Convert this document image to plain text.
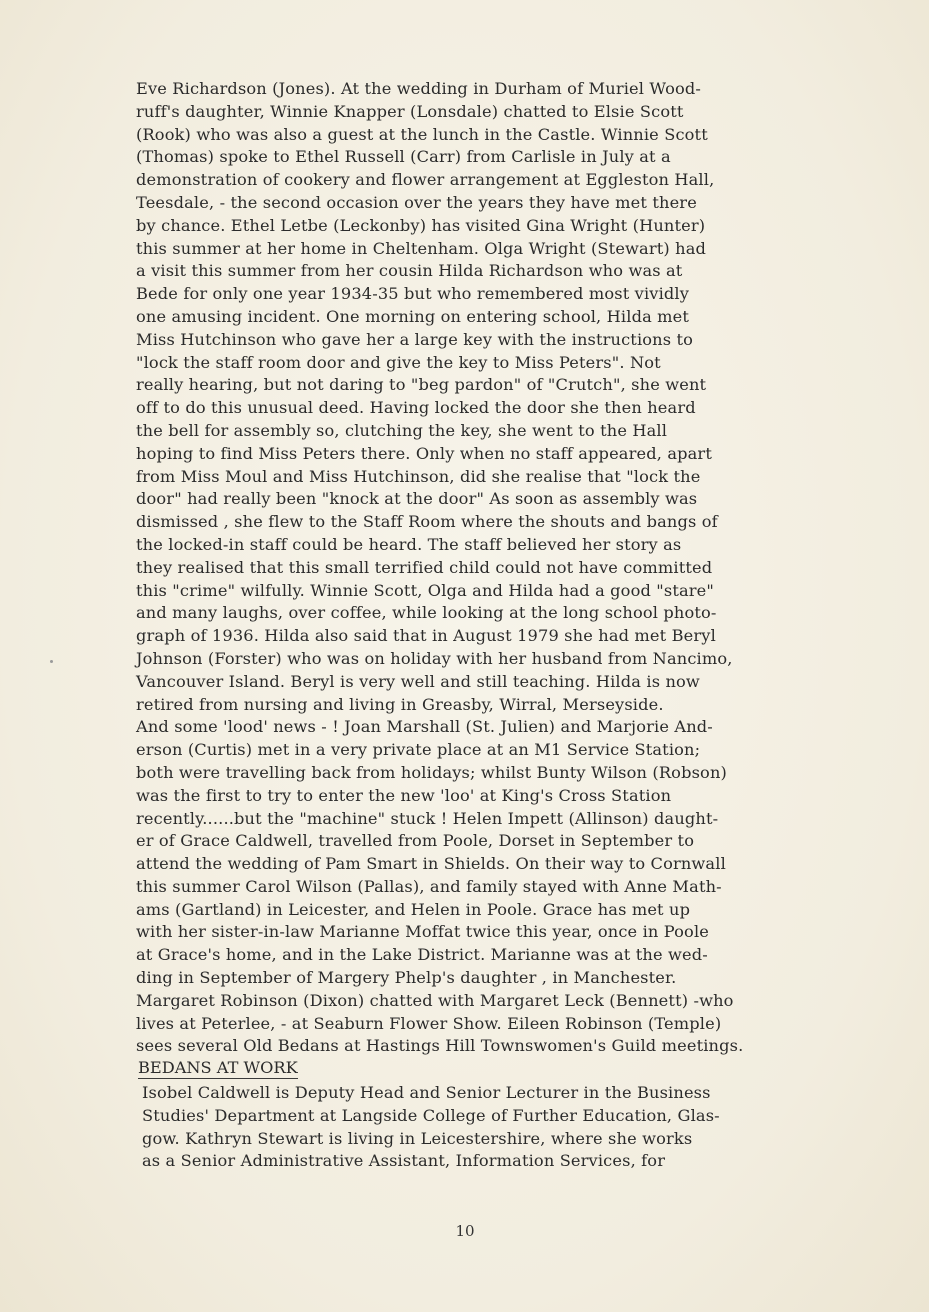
Eve Richardson (Jones). At the wedding in Durham of Muriel Wood-
ruff's daughter, Winnie Knapper (Lonsdale) chatted to Elsie Scott
(Rook) who was also a guest at the lunch in the Castle. Winnie Scott
(Thomas) spoke to Ethel Russell (Carr) from Carlisle in July at a
demonstration of cookery and flower arrangement at Eggleston Hall,
Teesdale, - the second occasion over the years they have met there
by chance. Ethel Letbe (Leckonby) has visited Gina Wright (Hunter)
this summer at her home in Cheltenham. Olga Wright (Stewart) had
a visit this summer from her cousin Hilda Richardson who was at
Bede for only one year 1934-35 but who remembered most vividly
one amusing incident. One morning on entering school, Hilda met
Miss Hutchinson who gave her a large key with the instructions to
"lock the staff room door and give the key to Miss Peters". Not
really hearing, but not daring to "beg pardon" of "Crutch", she went
off to do this unusual deed. Having locked the door she then heard
the bell for assembly so, clutching the key, she went to the Hall
hoping to find Miss Peters there. Only when no staff appeared, apart
from Miss Moul and Miss Hutchinson, did she realise that "lock the
door" had really been "knock at the door" As soon as assembly was
dismissed , she flew to the Staff Room where the shouts and bangs of
the locked-in staff could be heard. The staff believed her story as
they realised that this small terrified child could not have committed
this "crime" wilfully. Winnie Scott, Olga and Hilda had a good "stare"
and many laughs, over coffee, while looking at the long school photo-
graph of 1936. Hilda also said that in August 1979 she had met Beryl
Johnson (Forster) who was on holiday with her husband from Nancimo,
Vancouver Island. Beryl is very well and still teaching. Hilda is now
retired from nursing and living in Greasby, Wirral, Merseyside.
And some 'lood' news - ! Joan Marshall (St. Julien) and Marjorie And-
erson (Curtis) met in a very private place at an M1 Service Station;
both were travelling back from holidays; whilst Bunty Wilson (Robson)
was the first to try to enter the new 'loo' at King's Cross Station
recently......but the "machine" stuck ! Helen Impett (Allinson) daught-
er of Grace Caldwell, travelled from Poole, Dorset in September to
attend the wedding of Pam Smart in Shields. On their way to Cornwall
this summer Carol Wilson (Pallas), and family stayed with Anne Math-
ams (Gartland) in Leicester, and Helen in Poole. Grace has met up
with her sister-in-law Marianne Moffat twice this year, once in Poole
at Grace's home, and in the Lake District. Marianne was at the wed-
ding in September of Margery Phelp's daughter , in Manchester.
Margaret Robinson (Dixon) chatted with Margaret Leck (Bennett) -who
lives at Peterlee, - at Seaburn Flower Show. Eileen Robinson (Temple)
sees several Old Bedans at Hastings Hill Townswomen's Guild meetings.
BEDANS AT WORK
Isobel Caldwell is Deputy Head and Senior Lecturer in the Business
Studies' Department at Langside College of Further Education, Glas-
gow. Kathryn Stewart is living in Leicestershire, where she works
as a Senior Administrative Assistant, Information Services, for
10
